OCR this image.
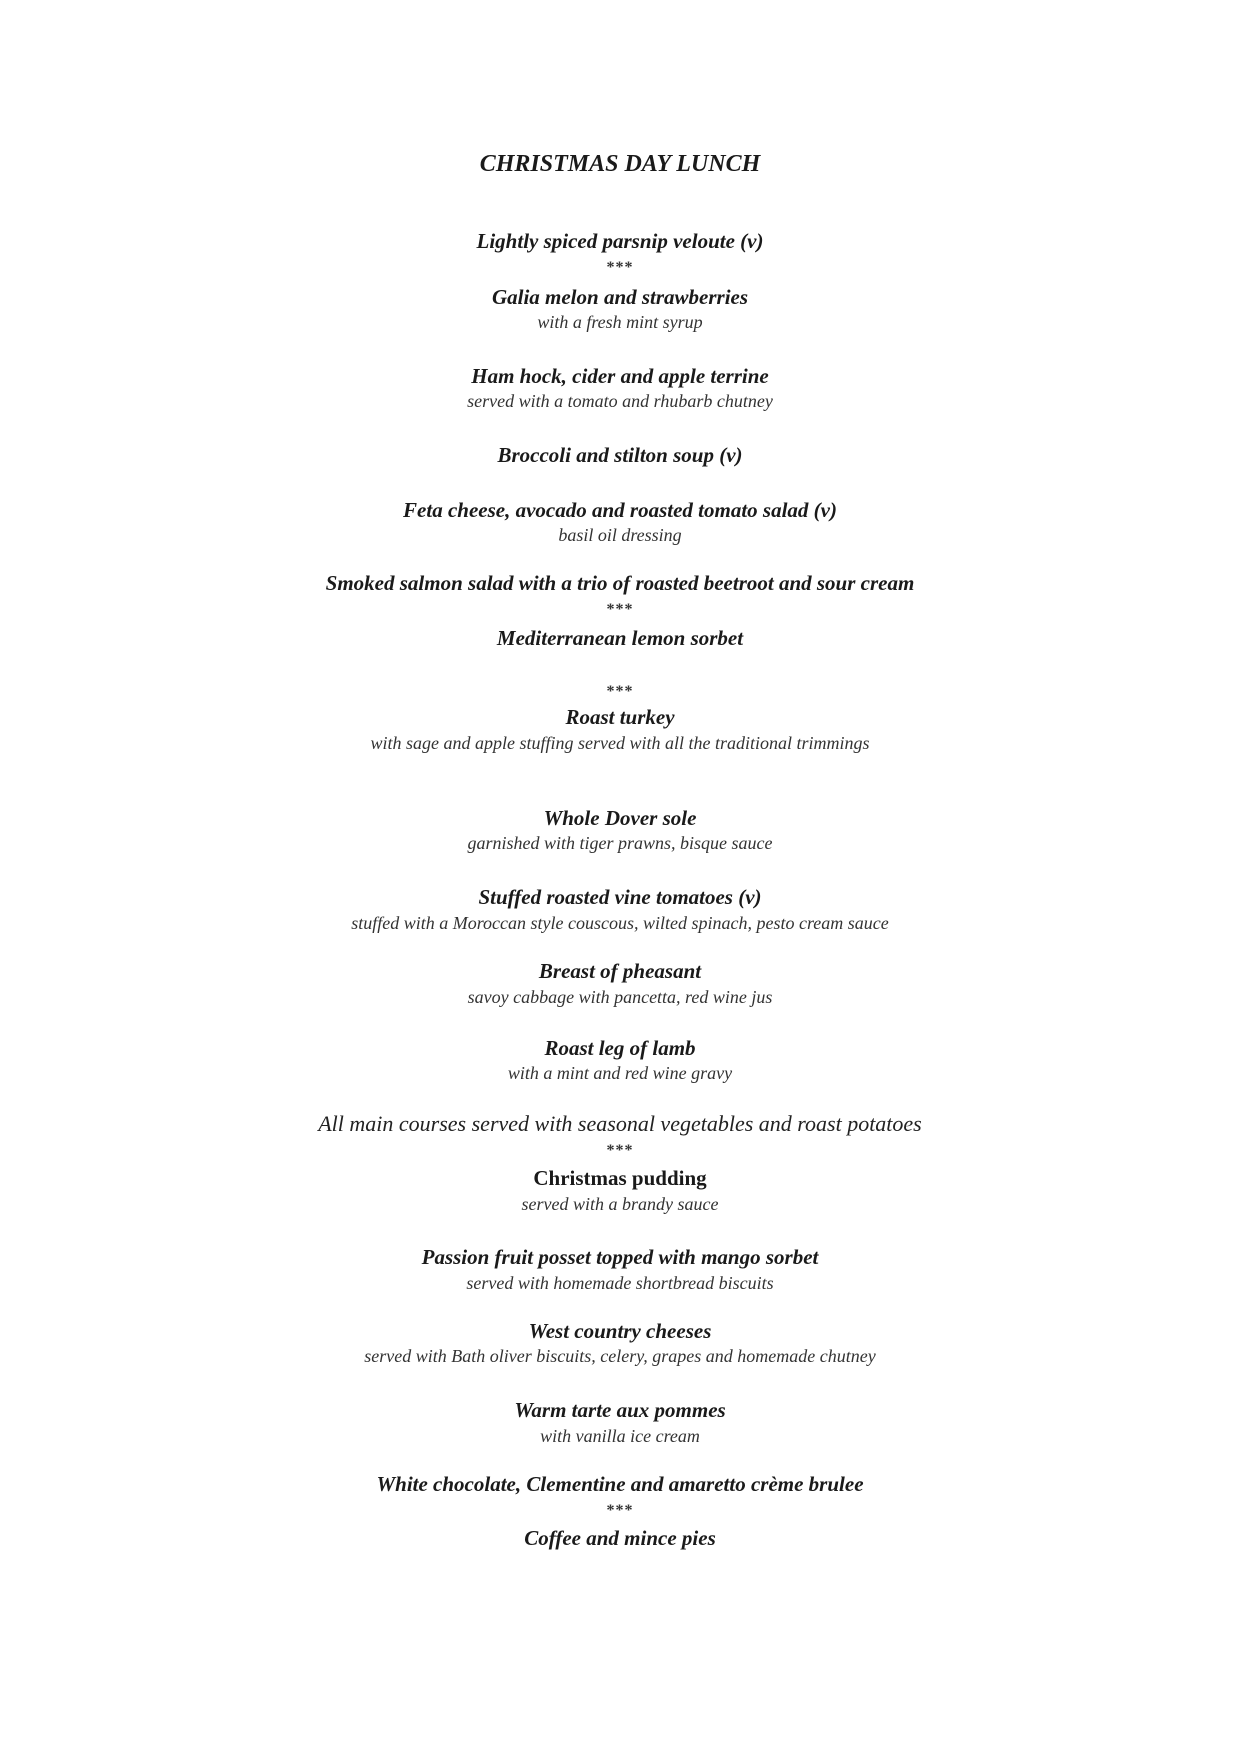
CHRISTMAS DAY LUNCH
Lightly spiced parsnip veloute (v)
***
Galia melon and strawberries
with a fresh mint syrup
Ham hock, cider and apple terrine
served with a tomato and rhubarb chutney
Broccoli and stilton soup (v)
Feta cheese, avocado and roasted tomato salad (v)
basil oil dressing
Smoked salmon salad with a trio of roasted beetroot and sour cream
***
Mediterranean lemon sorbet
***
Roast turkey
with sage and apple stuffing served with all the traditional trimmings
Whole Dover sole
garnished with tiger prawns, bisque sauce
Stuffed roasted vine tomatoes (v)
stuffed with a Moroccan style couscous, wilted spinach, pesto cream sauce
Breast of pheasant
savoy cabbage with pancetta, red wine jus
Roast leg of lamb
with a mint and red wine gravy
All main courses served with seasonal vegetables and roast potatoes
***
Christmas pudding
served with a brandy sauce
Passion fruit posset topped with mango sorbet
served with homemade shortbread biscuits
West country cheeses
served with Bath oliver biscuits, celery, grapes and homemade chutney
Warm tarte aux pommes
with vanilla ice cream
White chocolate, Clementine and amaretto crème brulee
***
Coffee and mince pies
